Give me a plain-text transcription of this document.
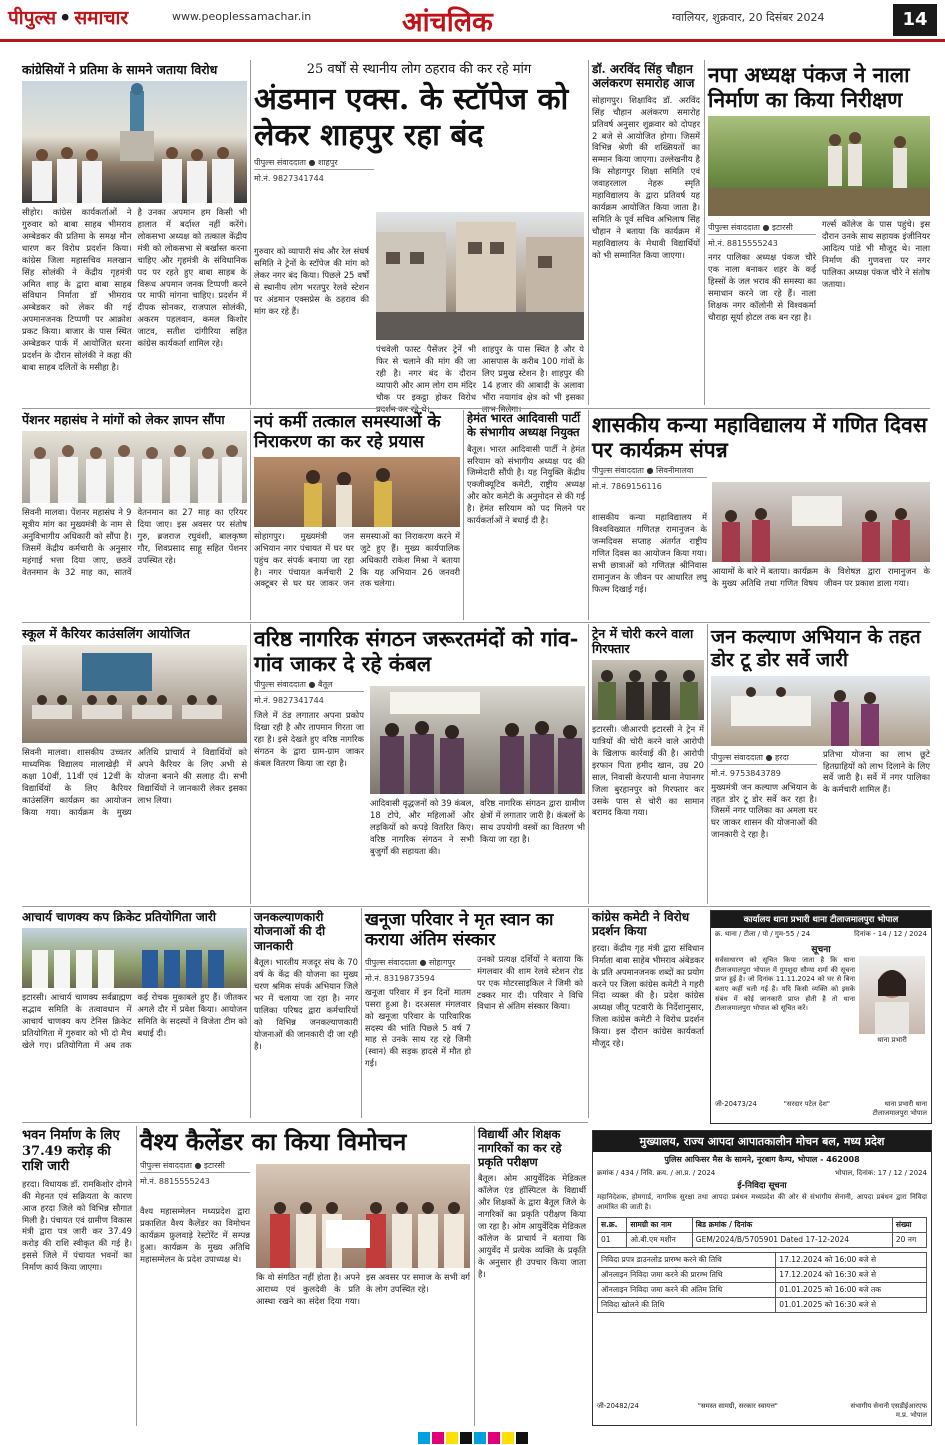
पीपुल्स • समाचार	www.peoplessamachar.in	आंचलिक	ग्वालियर, शुक्रवार, 20 दिसंबर 2024	14
कांग्रेसियों ने प्रतिमा के सामने जताया विरोध
सीहोर। कांग्रेस कार्यकर्ताओं ने गुरुवार को बाबा साहब भीमराव अम्बेडकर की प्रतिमा के समक्ष मौन धारण कर विरोध प्रदर्शन किया। कांग्रेस जिला महासचिव मलखान सिंह सोलंकी ने केंद्रीय गृहमंत्री अमित शाह के द्वारा बाबा साहब संविधान निर्माता डॉ भीमराव अम्बेडकर को लेकर की गई अपमानजनक टिप्पणी पर आक्रोश प्रकट किया। बाजार के पास स्थित अम्बेडकर पार्क में आयोजित धरना प्रदर्शन के दौरान सोलंकी ने कहा की बाबा साहब दलितों के मसीहा है।
है उनका अपमान हम किसी भी हालात में बर्दाश्त नहीं करेंगे। लोकसभा अध्यक्ष को तत्काल केंद्रीय मंत्री को लोकसभा से बर्खास्त करना चाहिए और गृहमंत्री के संविधानिक पद पर रहते हुए बाबा साहब के विरूध अपमान जनक टिप्पणी करने पर माफी मांगना चाहिए। प्रदर्शन में दीपक सोनकर, राजपाल सोलंकी, अकरम पहलवान, कमल किशोर जाटव, सतीश दांगीरिया सहित कांग्रेस कार्यकर्ता शामिल रहे।
25 वर्षों से स्थानीय लोग ठहराव की कर रहे मांग
अंडमान एक्स. के स्टॉपेज को लेकर शाहपुर रहा बंद
पीपुल्स संवाददाता ● शाहपुर
मो.नं. 9827341744
गुरुवार को व्यापारी संघ और रेल संघर्ष समिति ने ट्रेनों के स्टॉपेज की मांग को लेकर नगर बंद किया। पिछले 25 वर्षों से स्थानीय लोग भरतपुर रेलवे स्टेशन पर अंडमान एक्सप्रेस के ठहराव की मांग कर रहे हैं।
पंचवेली फास्ट पैसेंजर ट्रेनें भी फिर से चलाने की मांग की जा रही है। नगर बंद के दौरान व्यापारी और आम लोग राम मंदिर चौक पर इकट्ठा होकर विरोध
शाहपुर के पास स्थित है और ये आसपास के करीब 100 गांवों के लिए प्रमुख स्टेशन है। शाहपुर की 14 हजार की आबादी के अलावा भौंरा नयागांव क्षेत्र को भी इसका
डॉ. अरविंद सिंह चौहान अलंकरण समारोह आज
सोहागपुर। शिक्षाविद डॉ. अरविंद सिंह चौहान अलंकरण समारोह प्रतिवर्ष अनुसार शुक्रवार को दोपहर 2 बजे से आयोजित होगा। जिसमें विभिन्न श्रेणी की शख्सियतों का सम्मान किया जाएगा। उल्लेखनीय है कि सोहागपुर शिक्षा समिति एवं जवाहरलाल नेहरू स्मृति महाविद्यालय के द्वारा प्रतिवर्ष यह कार्यक्रम आयोजित किया जाता है। समिति के पूर्व सचिव अभिलाष सिंह चौहान ने बताया कि कार्यक्रम में महाविद्यालय के मेधावी विद्यार्थियों को भी सम्मानित किया जाएगा।
नपा अध्यक्ष पंकज ने नाला निर्माण का किया निरीक्षण
पीपुल्स संवाददाता ● इटारसी
मो.नं. 8815555243
नगर पालिका अध्यक्ष पंकज चौरे एक नाला बनाकर शहर के कई हिस्सों के जल भराव की समस्या का समाधान करने जा रहे हैं। नाला शिक्षक नगर कॉलोनी से विश्वकर्मा चौराहा सूर्या होटल तक बन रहा है।
गर्ल्स कॉलेज के पास पहुंचे। इस दौरान उनके साथ सहायक इंजीनियर आदित्य पांडे भी मौजूद थे। नाला निर्माण की गुणवत्ता पर नगर पालिका अध्यक्ष पंकज चौरे ने संतोष जताया।
पेंशनर महासंघ ने मांगों को लेकर ज्ञापन सौंपा
सिवनी मालवा। पेंशनर महासंघ ने 9 सूत्रीय मांग का मुख्यमंत्री के नाम से अनुविभागीय अधिकारी को सौंपा है। जिसमें केंद्रीय कर्मचारी के अनुसार महंगाई भत्ता दिया जाए, छठवें वेतनमान के 32 माह का, सातवें वेतनमान का 27 माह का एरियर दिया जाए। इस अवसर पर संतोष गुरु, ब्रजराज रघुवंशी, बालकृष्ण गौर, शिवप्रसाद साहू सहित पेंशनर उपस्थित रहे।
नपं कर्मी तत्काल समस्याओं के निराकरण का कर रहे प्रयास
सोहागपुर। मुख्यमंत्री जन अभियान नगर पंचायत में घर घर पहुंच कर संपर्क बनाया जा रहा है। नगर पंचायत कर्मचारी 2 अक्टूबर से घर घर जाकर जन समस्याओं का निराकरण करने में जुटे हुए हैं। मुख्य कार्यपालिक अधिकारी राकेश मिश्रा ने बताया कि यह अभियान 26 जनवरी तक चलेगा।
हेमंत भारत आदिवासी पार्टी के संभागीय अध्यक्ष नियुक्त
बैतूल। भारत आदिवासी पार्टी ने हेमंत सरियाम को संभागीय अध्यक्ष पद की जिम्मेदारी सौंपी है। यह नियुक्ति केंद्रीय एक्जीक्यूटिव कमेटी, राष्ट्रीय अध्यक्ष और कोर कमेटी के अनुमोदन से की गई है। हेमंत सरियाम को पद मिलने पर कार्यकर्ताओं ने बधाई दी है।
शासकीय कन्या महाविद्यालय में गणित दिवस पर कार्यक्रम संपन्न
पीपुल्स संवाददाता ● सिवनीमालवा
मो.नं. 7869156116
शासकीय कन्या महाविद्यालय में विश्वविख्यात गणितज्ञ रामानुजन के जन्मदिवस सप्ताह अंतर्गत राष्ट्रीय गणित दिवस का आयोजन किया गया। सभी छात्राओं को गणितज्ञ श्रीनिवास रामानुजन के जीवन पर आधारित लघु फिल्म दिखाई गई।
आयामों के बारे में बताया। कार्यक्रम के मुख्य अतिथि तथा गणित विषय के विशेषज्ञ द्वारा रामानुजन के जीवन पर प्रकाश डाला गया।
स्कूल में कैरियर काउंसलिंग आयोजित
सिवनी मालवा। शासकीय उच्चतर माध्यमिक विद्यालय मालाखेड़ी में कक्षा 10वीं, 11वीं एवं 12वीं के विद्यार्थियों के लिए कैरियर काउंसलिंग कार्यक्रम का आयोजन किया गया। कार्यक्रम के मुख्य अतिथि प्राचार्य ने विद्यार्थियों को अपने कैरियर के लिए अभी से योजना बनाने की सलाह दी। सभी विद्यार्थियों ने जानकारी लेकर इसका लाभ लिया।
वरिष्ठ नागरिक संगठन जरूरतमंदों को गांव-गांव जाकर दे रहे कंबल
पीपुल्स संवाददाता ● बैतूल
मो.नं. 9827341744
जिले में ठंड लगातार अपना प्रकोप दिखा रही है और तापमान गिरता जा रहा है। इसे देखते हुए वरिष्ठ नागरिक संगठन के द्वारा ग्राम-ग्राम जाकर कंबल वितरण किया जा रहा है।
आदिवासी वृद्धजनों को 39 कंबल, 18 टोपे, और महिलाओं और लड़कियों को कपड़े वितरित किए। वरिष्ठ नागरिक संगठन ने सभी बुजुर्गों की सहायता की।
वरिष्ठ नागरिक संगठन द्वारा ग्रामीण क्षेत्रों में लगातार जारी है। कंबलों के साथ उपयोगी वस्त्रों का वितरण भी किया जा रहा है।
ट्रेन में चोरी करने वाला गिरफ्तार
इटारसी। जीआरपी इटारसी ने ट्रेन में यात्रियों की चोरी करने वाले आरोपी के खिलाफ कार्रवाई की है। आरोपी इरफान पिता हमीद खान, उम्र 20 साल, निवासी केरपानी थाना नेपानगर जिला बुरहानपुर को गिरफ्तार कर उसके पास से चोरी का सामान बरामद किया गया।
जन कल्याण अभियान के तहत डोर टू डोर सर्वे जारी
पीपुल्स संवाददाता ● हरदा
मो.नं. 9753843789
मुख्यमंत्री जन कल्याण अभियान के तहत डोर टू डोर सर्वे कर रहा है। जिसमें नगर पालिका का अमला घर घर जाकर शासन की योजनाओं की जानकारी दे रहा है।
प्रतिभा योजना का लाभ छूटे हितग्राहियों को लाभ दिलाने के लिए सर्वे जारी है। सर्वे में नगर पालिका के कर्मचारी शामिल हैं।
आचार्य चाणक्य कप क्रिकेट प्रतियोगिता जारी
इटारसी। आचार्य चाणक्य सर्वब्राह्मण सद्भाव समिति के तत्वावधान में आचार्य चाणक्य कप टेनिस क्रिकेट प्रतियोगिता में गुरुवार को भी दो मैच खेले गए। प्रतियोगिता में अब तक कई रोचक मुकाबले हुए हैं। जीतकर अगले दौर में प्रवेश किया। आयोजन समिति के सदस्यों ने विजेता टीम को बधाई दी।
जनकल्याणकारी योजनाओं की दी जानकारी
बैतूल। भारतीय मजदूर संघ के 70 वर्ष के केंद्र की योजना का मुख्य चरण श्रमिक संपर्क अभियान जिले भर में चलाया जा रहा है। नगर पालिका परिषद द्वारा कर्मचारियों को विभिन्न जनकल्याणकारी योजनाओं की जानकारी दी जा रही है।
खनूजा परिवार ने मृत स्वान का कराया अंतिम संस्कार
पीपुल्स संवाददाता ● सोहागपुर
मो.नं. 8319873594
खनूजा परिवार में इन दिनों मातम पसरा हुआ है। दरअसल मंगलवार को खनूजा परिवार के पारिवारिक सदस्य की भांति पिछले 5 वर्ष 7 माह से उनके साथ रह रहे जिमी (स्वान) की सड़क हादसे में मौत हो गई।
उनको प्रत्यक्ष दर्शियों ने बताया कि मंगलवार की शाम रेलवे स्टेशन रोड पर एक मोटरसाइकिल ने जिमी को टक्कर मार दी। परिवार ने विधि विधान से अंतिम संस्कार किया।
कांग्रेस कमेटी ने विरोध प्रदर्शन किया
हरदा। केंद्रीय गृह मंत्री द्वारा संविधान निर्माता बाबा साहेब भीमराव अंबेडकर के प्रति अपमानजनक शब्दों का प्रयोग करने पर जिला कांग्रेस कमेटी ने गहरी निंदा व्यक्त की है। प्रदेश कांग्रेस अध्यक्ष जीतू पटवारी के निर्देशानुसार, जिला कांग्रेस कमेटी ने विरोध प्रदर्शन किया। इस दौरान कांग्रेस कार्यकर्ता मौजूद रहे।
कार्यालय थाना प्रभारी थाना टीलाजमालपुरा भोपाल
क्र. थाना / टीला / पो / गुम-55 / 24	दिनांक - 14 / 12 / 2024
सूचना
सर्वसाधारण को सूचित किया जाता है कि थाना टीलाजमालपुरा भोपाल में गुमशुदा सौम्या शर्मा की सूचना प्राप्त हुई है। जो दिनांक 11.11.2024 को घर से बिना बताए कहीं चली गई है। यदि किसी व्यक्ति को इसके संबंध में कोई जानकारी प्राप्त होती है तो थाना टीलाजमालपुरा भोपाल को सूचित करें।
थाना प्रभारी
जी-20473/24	"सरदार पटेल देश"	थाना प्रभारी थाना टीलाजमालपुरा भोपाल
भवन निर्माण के लिए 37.49 करोड़ की राशि जारी
हरदा। विधायक डॉ. रामकिशोर दोगने की मेहनत एवं सक्रियता के कारण आज हरदा जिले को विभिन्न सौगात मिली है। पंचायत एवं ग्रामीण विकास मंत्री द्वारा पत्र जारी कर 37.49 करोड़ की राशि स्वीकृत की गई है। इससे जिले में पंचायत भवनों का निर्माण कार्य किया जाएगा।
वैश्य कैलेंडर का किया विमोचन
पीपुल्स संवाददाता ● इटारसी
मो.नं. 8815555243
वैश्य महासम्मेलन मध्यप्रदेश द्वारा प्रकाशित वैश्य कैलेंडर का विमोचन कार्यक्रम फ़ुलवाड़े रेस्टोरेंट में सम्पन्न हुआ। कार्यक्रम के मुख्य अतिथि महासम्मेलन के प्रदेश उपाध्यक्ष थे।
कि वो संगठित नहीं होता है। अपने आराध्य एवं कुलदेवी के प्रति आस्था रखने का संदेश दिया गया। इस अवसर पर समाज के सभी वर्ग के लोग उपस्थित रहे।
विद्यार्थी और शिक्षक नागरिकों का कर रहे प्रकृति परीक्षण
बैतूल। ओम आयुर्वेदिक मेडिकल कॉलेज एंड हॉस्पिटल के विद्यार्थी और शिक्षकों के द्वारा बैतूल जिले के नागरिकों का प्रकृति परीक्षण किया जा रहा है। ओम आयुर्वेदिक मेडिकल कॉलेज के प्राचार्य ने बताया कि आयुर्वेद में प्रत्येक व्यक्ति के प्रकृति के अनुसार ही उपचार किया जाता है।
मुख्यालय, राज्य आपदा आपातकालीन मोचन बल, मध्य प्रदेश
पुलिस आफिसर मैस के सामने, नूरबाग कैम्प, भोपाल - 462008
क्रमांक / 434 / निवि. क्रय. / आ.प्र. / 2024	भोपाल, दिनांक: 17 / 12 / 2024
ई-निविदा सूचना
महानिदेशक, होमगार्ड, नागरिक सुरक्षा तथा आपदा प्रबंधन मध्यप्रदेश की ओर से संभागीय सेनानी, आपदा प्रबंधन द्वारा निविदा आमंत्रित की जाती है।
स.क्र.	सामग्री का नाम	बिड क्रमांक / दिनांक	संख्या
01	ओ.बी.एम मशीन	GEM/2024/B/5705901 Dated 17-12-2024	20 नग
निविदा प्रपत्र डाउनलोड प्रारम्भ करने की तिथि	17.12.2024 को 16:00 बजे से
ऑनलाइन निविदा जमा करने की प्रारम्भ तिथि	17.12.2024 को 16:30 बजे से
ऑनलाइन निविदा जमा करने की अंतिम तिथि	01.01.2025 को 16:00 बजे तक
निविदा खोलने की तिथि	01.01.2025 को 16:30 बजे से
जी-20482/24	"समस्त सामग्री, सरकार स्वायत्त"	संभागीय सेनानी एसडीईआरएफ म.प्र. भोपाल
